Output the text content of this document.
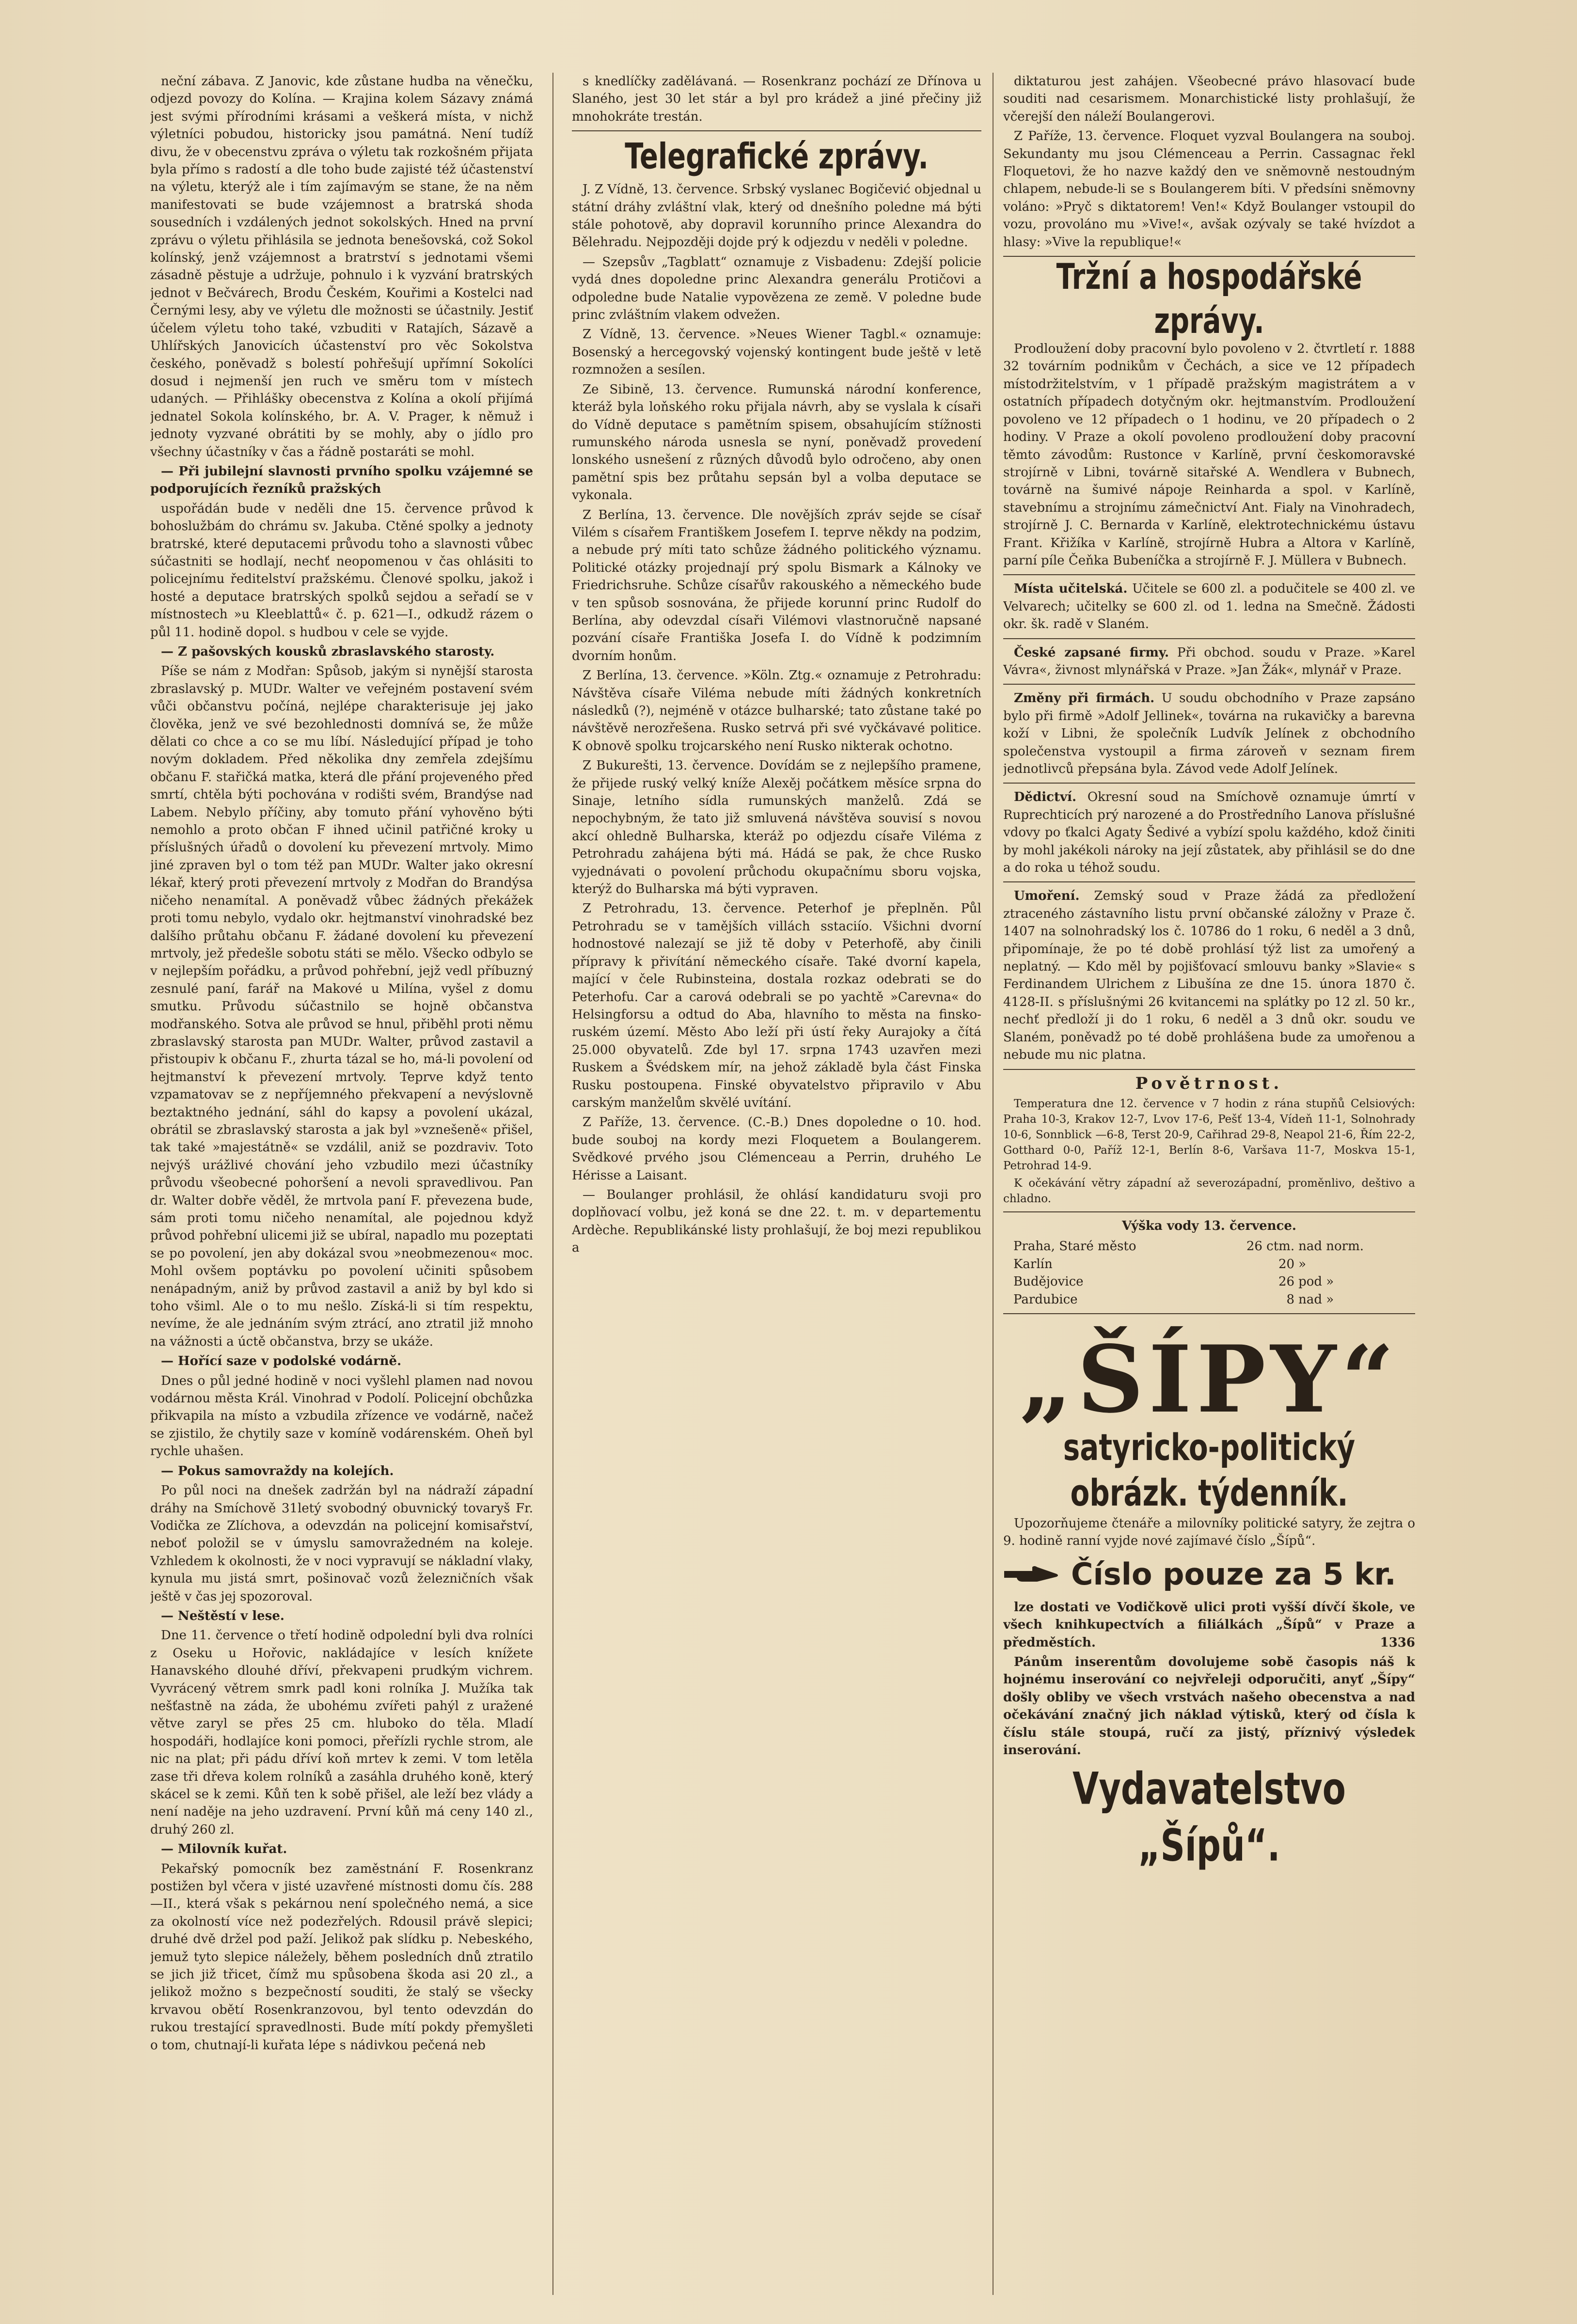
neční zábava. Z Janovic, kde zůstane hudba na věnečku, odjezd povozy do Kolína. — Krajina kolem Sázavy známá jest svými přírodními krásami a veškerá místa, v nichž výletníci pobudou, historicky jsou památná. Není tudíž divu, že v obecenstvu zpráva o výletu tak rozkošném přijata byla přímo s radostí a dle toho bude zajisté též účastenství na výletu, kterýž ale i tím zajímavým se stane, že na něm manifestovati se bude vzájemnost a bratrská shoda sousedních i vzdálených jednot sokolských. Hned na první zprávu o výletu přihlásila se jednota benešovská, což Sokol kolínský, jenž vzájemnost a bratrství s jednotami všemi zásadně pěstuje a udržuje, pohnulo i k vyzvání bratrských jednot v Bečvárech, Brodu Českém, Kouřimi a Kostelci nad Černými lesy, aby ve výletu dle možnosti se účastnily. Jestiť účelem výletu toho také, vzbuditi v Ratajích, Sázavě a Uhlířských Janovicích účastenství pro věc Sokolstva českého, poněvadž s bolestí pohřešují upřímní Sokolíci dosud i nejmenší jen ruch ve směru tom v místech udaných. — Přihlášky obecenstva z Kolína a okolí přijímá jednatel Sokola kolínského, br. A. V. Prager, k němuž i jednoty vyzvané obrátiti by se mohly, aby o jídlo pro všechny účastníky v čas a řádně postaráti se mohl.

— Při jubilejní slavnosti prvního spolku vzájemné se podporujících řezníků pražských

uspořádán bude v neděli dne 15. července průvod k bohoslužbám do chrámu sv. Jakuba. Ctěné spolky a jednoty bratrské, které deputacemi průvodu toho a slavnosti vůbec súčastniti se hodlají, nechť neopomenou v čas ohlásiti to policejnímu ředitelství pražskému. Členové spolku, jakož i hosté a deputace bratrských spolků sejdou a seřadí se v místnostech »u Kleeblattů« č. p. 621—I., odkudž rázem o půl 11. hodině dopol. s hudbou v cele se vyjde.

— Z pašovských kousků zbraslavského starosty.

Píše se nám z Modřan: Spůsob, jakým si nynější starosta zbraslavský p. MUDr. Walter ve veřejném postavení svém vůči občanstvu počíná, nejlépe charakterisuje jej jako člověka, jenž ve své bezohlednosti domnívá se, že může dělati co chce a co se mu líbí. Následující případ je toho novým dokladem. Před několika dny zemřela zdejšímu občanu F. stařičká matka, která dle přání projeveného před smrtí, chtěla býti pochována v rodišti svém, Brandýse nad Labem. Nebylo příčiny, aby tomuto přání vyhověno býti nemohlo a proto občan F ihned učinil patřičné kroky u příslušných úřadů o dovolení ku převezení mrtvoly. Mimo jiné zpraven byl o tom též pan MUDr. Walter jako okresní lékař, který proti převezení mrtvoly z Modřan do Brandýsa ničeho nenamítal. A poněvadž vůbec žádných překážek proti tomu nebylo, vydalo okr. hejtmanství vinohradské bez dalšího průtahu občanu F. žádané dovolení ku převezení mrtvoly, jež předešle sobotu státi se mělo. Všecko odbylo se v nejlepším pořádku, a průvod pohřební, jejž vedl příbuzný zesnulé paní, farář na Makové u Milína, vyšel z domu smutku. Průvodu súčastnilo se hojně občanstva modřanského. Sotva ale průvod se hnul, přiběhl proti němu zbraslavský starosta pan MUDr. Walter, průvod zastavil a přistoupiv k občanu F., zhurta tázal se ho, má-li povolení od hejtmanství k převezení mrtvoly. Teprve když tento vzpamatovav se z nepříjemného překvapení a nevýslovně beztaktného jednání, sáhl do kapsy a povolení ukázal, obrátil se zbraslavský starosta a jak byl »vznešeně« přišel, tak také »majestátně« se vzdálil, aniž se pozdraviv. Toto nejvýš urážlivé chování jeho vzbudilo mezi účastníky průvodu všeobecné pohoršení a nevoli spravedlivou. Pan dr. Walter dobře věděl, že mrtvola paní F. převezena bude, sám proti tomu ničeho nenamítal, ale pojednou když průvod pohřební ulicemi již se ubíral, napadlo mu pozeptati se po povolení, jen aby dokázal svou »neobmezenou« moc. Mohl ovšem poptávku po povolení učiniti spůsobem nenápadným, aniž by průvod zastavil a aniž by byl kdo si toho všiml. Ale o to mu nešlo. Získá-li si tím respektu, nevíme, že ale jednáním svým ztrácí, ano ztratil již mnoho na vážnosti a úctě občanstva, brzy se ukáže.

— Hořící saze v podolské vodárně.

Dnes o půl jedné hodině v noci vyšlehl plamen nad novou vodárnou města Král. Vinohrad v Podolí. Policejní obchůzka přikvapila na místo a vzbudila zřízence ve vodárně, načež se zjistilo, že chytily saze v komíně vodárenském. Oheň byl rychle uhašen.

— Pokus samovraždy na kolejích.

Po půl noci na dnešek zadržán byl na nádraží západní dráhy na Smíchově 31letý svobodný obuvnický tovaryš Fr. Vodička ze Zlíchova, a odevzdán na policejní komisařství, neboť položil se v úmyslu samovražedném na koleje. Vzhledem k okolnosti, že v noci vypravují se nákladní vlaky, kynula mu jistá smrt, pošinovač vozů železničních však ještě v čas jej spozoroval.

— Neštěstí v lese.

Dne 11. července o třetí hodině odpolední byli dva rolníci z Oseku u Hořovic, nakládajíce v lesích knížete Hanavského dlouhé dříví, překvapeni prudkým vichrem. Vyvrácený větrem smrk padl koni rolníka J. Mužíka tak nešťastně na záda, že ubohému zvířeti pahýl z uražené větve zaryl se přes 25 cm. hluboko do těla. Mladí hospodáři, hodlajíce koni pomoci, přeřízli rychle strom, ale nic na plat; při pádu dříví koň mrtev k zemi. V tom letěla zase tři dřeva kolem rolníků a zasáhla druhého koně, který skácel se k zemi. Kůň ten k sobě přišel, ale leží bez vlády a není naděje na jeho uzdravení. První kůň má ceny 140 zl., druhý 260 zl.

— Milovník kuřat.

Pekařský pomocník bez zaměstnání F. Rosenkranz postižen byl včera v jisté uzavřené místnosti domu čís. 288—II., která však s pekárnou není společného nemá, a sice za okolností více než podezřelých. Rdousil právě slepici; druhé dvě držel pod paží. Jelikož pak slídku p. Nebeského, jemuž tyto slepice náležely, během posledních dnů ztratilo se jich již třicet, čímž mu spůsobena škoda asi 20 zl., a jelikož možno s bezpečností souditi, že stalý se všecky krvavou obětí Rosenkranzovou, byl tento odevzdán do rukou trestající spravedlnosti. Bude mítí pokdy přemyšleti o tom, chutnají-li kuřata lépe s nádivkou pečená neb

s knedlíčky zadělávaná. — Rosenkranz pochází ze Dřínova u Slaného, jest 30 let stár a byl pro krádež a jiné přečiny již mnohokráte trestán.

Telegrafické zprávy.

J. Z Vídně, 13. července. Srbský vyslanec Bogičević objednal u státní dráhy zvláštní vlak, který od dnešního poledne má býti stále pohotově, aby dopravil korunního prince Alexandra do Bělehradu. Nejpozději dojde prý k odjezdu v neděli v poledne.

— Szepsův „Tagblatt“ oznamuje z Visbadenu: Zdejší policie vydá dnes dopoledne princ Alexandra generálu Protičovi a odpoledne bude Natalie vypovězena ze země. V poledne bude princ zvláštním vlakem odvežen.

Z Vídně, 13. července. »Neues Wiener Tagbl.« oznamuje: Bosenský a hercegovský vojenský kontingent bude ještě v letě rozmnožen a sesílen.

Ze Sibině, 13. července. Rumunská národní konference, kteráž byla loňského roku přijala návrh, aby se vyslala k císaři do Vídně deputace s pamětním spisem, obsahujícím stížnosti rumunského národa usnesla se nyní, poněvadž provedení lonského usnešení z různých důvodů bylo odročeno, aby onen pamětní spis bez průtahu sepsán byl a volba deputace se vykonala.

Z Berlína, 13. července. Dle novějších zpráv sejde se císař Vilém s císařem Františkem Josefem I. teprve někdy na podzim, a nebude prý míti tato schůze žádného politického významu. Politické otázky projednají prý spolu Bismark a Kálnoky ve Friedrichsruhe. Schůze císařův rakouského a německého bude v ten spůsob sosnována, že přijede korunní princ Rudolf do Berlína, aby odevzdal císaři Vilémovi vlastnoručně napsané pozvání císaře Františka Josefa I. do Vídně k podzimním dvorním honům.

Z Berlína, 13. července. »Köln. Ztg.« oznamuje z Petrohradu: Návštěva císaře Viléma nebude míti žádných konkretních následků (?), nejméně v otázce bulharské; tato zůstane také po návštěvě nerozřešena. Rusko setrvá při své vyčkávavé politice. K obnově spolku trojcarského není Rusko nikterak ochotno.

Z Bukurešti, 13. července. Dovídám se z nejlepšího pramene, že přijede ruský velký kníže Alexěj počátkem měsíce srpna do Sinaje, letního sídla rumunských manželů. Zdá se nepochybným, že tato již smluvená návštěva souvisí s novou akcí ohledně Bulharska, kteráž po odjezdu císaře Viléma z Petrohradu zahájena býti má. Hádá se pak, že chce Rusko vyjednávati o povolení průchodu okupačnímu sboru vojska, kterýž do Bulharska má býti vypraven.

Z Petrohradu, 13. července. Peterhof je přeplněn. Půl Petrohradu se v tamějších villách sstaciío. Všichni dvorní hodnostové nalezají se již tě doby v Peterhofě, aby činili přípravy k přivítání německého císaře. Také dvorní kapela, mající v čele Rubinsteina, dostala rozkaz odebrati se do Peterhofu. Car a carová odebrali se po yachtě »Carevna« do Helsingforsu a odtud do Aba, hlavního to města na finsko-ruském území. Město Abo leží při ústí řeky Aurajoky a čítá 25.000 obyvatelů. Zde byl 17. srpna 1743 uzavřen mezi Ruskem a Švédskem mír, na jehož základě byla část Finska Rusku postoupena. Finské obyvatelstvo připravilo v Abu carským manželům skvělé uvítání.

Z Paříže, 13. července. (C.-B.) Dnes dopoledne o 10. hod. bude souboj na kordy mezi Floquetem a Boulangerem. Svědkové prvého jsou Clémenceau a Perrin, druhého Le Hérisse a Laisant.

— Boulanger prohlásil, že ohlásí kandidaturu svoji pro doplňovací volbu, jež koná se dne 22. t. m. v departementu Ardèche. Republikánské listy prohlašují, že boj mezi republikou a

diktaturou jest zahájen. Všeobecné právo hlasovací bude souditi nad cesarismem. Monarchistické listy prohlašují, že včerejší den náleží Boulangerovi.

Z Paříže, 13. července. Floquet vyzval Boulangera na souboj. Sekundanty mu jsou Clémenceau a Perrin. Cassagnac řekl Floquetovi, že ho nazve každý den ve sněmovně nestoudným chlapem, nebude-li se s Boulangerem bíti. V předsíni sněmovny voláno: »Pryč s diktatorem! Ven!« Když Boulanger vstoupil do vozu, provoláno mu »Vive!«, avšak ozývaly se také hvízdot a hlasy: »Vive la republique!«

Tržní a hospodářské zprávy.

Prodloužení doby pracovní bylo povoleno v 2. čtvrtletí r. 1888 32 továrním podnikům v Čechách, a sice ve 12 případech místodržitelstvím, v 1 případě pražským magistrátem a v ostatních případech dotyčným okr. hejtmanstvím. Prodloužení povoleno ve 12 případech o 1 hodinu, ve 20 případech o 2 hodiny. V Praze a okolí povoleno prodloužení doby pracovní těmto závodům: Rustonce v Karlíně, první českomoravské strojírně v Libni, továrně sitařské A. Wendlera v Bubnech, továrně na šumivé nápoje Reinharda a spol. v Karlíně, stavebnímu a strojnímu zámečnictví Ant. Fialy na Vinohradech, strojírně J. C. Bernarda v Karlíně, elektrotechnickému ústavu Frant. Křižíka v Karlíně, strojírně Hubra a Altora v Karlíně, parní píle Čeňka Bubeníčka a strojírně F. J. Müllera v Bubnech.

Místa učitelská. Učitele se 600 zl. a podučitele se 400 zl. ve Velvarech; učitelky se 600 zl. od 1. ledna na Smečně. Žádosti okr. šk. radě v Slaném.

České zapsané firmy. Při obchod. soudu v Praze. »Karel Vávra«, živnost mlynářská v Praze. »Jan Žák«, mlynář v Praze.

Změny při firmách. U soudu obchodního v Praze zapsáno bylo při firmě »Adolf Jellinek«, továrna na rukavičky a barevna koží v Libni, že společník Ludvík Jelínek z obchodního společenstva vystoupil a firma zároveň v seznam firem jednotlivců přepsána byla. Závod vede Adolf Jelínek.

Dědictví. Okresní soud na Smíchově oznamuje úmrtí v Ruprechticích prý narozené a do Prostředního Lanova příslušné vdovy po ťkalci Agaty Šedivé a vybízí spolu každého, kdož činiti by mohl jakékoli nároky na její zůstatek, aby přihlásil se do dne a do roka u téhož soudu.

Umoření. Zemský soud v Praze žádá za předložení ztraceného zástavního listu první občanské záložny v Praze č. 1407 na solnohradský los č. 10786 do 1 roku, 6 neděl a 3 dnů, připomínaje, že po té době prohlásí týž list za umořený a neplatný. — Kdo měl by pojišťovací smlouvu banky »Slavie« s Ferdinandem Ulrichem z Libušína ze dne 15. února 1870 č. 4128-II. s příslušnými 26 kvitancemi na splátky po 12 zl. 50 kr., nechť předloží ji do 1 roku, 6 neděl a 3 dnů okr. soudu ve Slaném, poněvadž po té době prohlášena bude za umořenou a nebude mu nic platna.

Povětrnost.

Temperatura dne 12. července v 7 hodin z rána stupňů Celsiových: Praha 10-3, Krakov 12-7, Lvov 17-6, Pešť 13-4, Vídeň 11-1, Solnohrady 10-6, Sonnblick —6-8, Terst 20-9, Cařihrad 29-8, Neapol 21-6, Řím 22-2, Gotthard 0-0, Paříž 12-1, Berlín 8-6, Varšava 11-7, Moskva 15-1, Petrohrad 14-9.

K očekávání větry západní až severozápadní, proměnlivo, deštivo a chladno.

Výška vody 13. července.
Praha, Staré město	26 ctm.	nad norm.
Karlín	20	»
Budějovice	26	pod »
Pardubice	8	nad »
„ŠÍPY“
satyricko-politický obrázk. týdenník.

Upozorňujeme čtenáře a milovníky politické satyry, že zejtra o 9. hodině ranní vyjde nové zajímavé číslo „Šípů“.

Číslo pouze za 5 kr.

lze dostati ve Vodičkově ulici proti vyšší dívčí škole, ve všech knihkupectvích a filiálkách „Šípů“ v Praze a předměstích.	1336

Pánům inserentům dovolujeme sobě časopis náš k hojnému inserování co nejvřeleji odporučiti, anyť „Šípy“ došly obliby ve všech vrstvách našeho obecenstva a nad očekávání značný jich náklad výtisků, který od čísla k číslu stále stoupá, ručí za jistý, příznivý výsledek inserování.

Vydavatelstvo „Šípů“.
